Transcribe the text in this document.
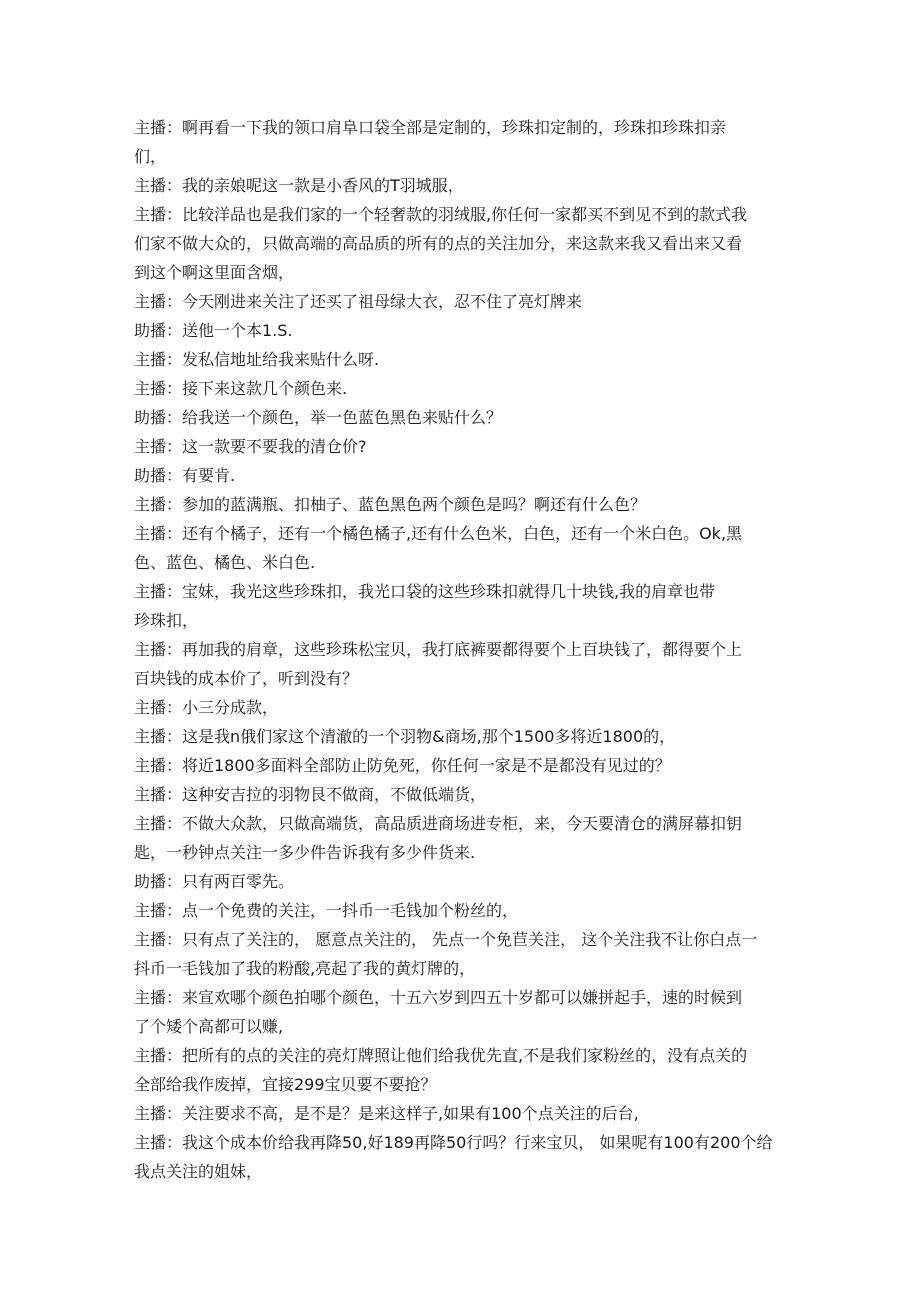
主播：啊再看一下我的领口肩阜口袋全部是定制的，珍珠扣定制的，珍珠扣珍珠扣亲
们，
主播：我的亲娘呢这一款是小香风的T羽城服，
主播：比较洋品也是我们家的一个轻奢款的羽绒服,你任何一家都买不到见不到的款式我
们家不做大众的，只做高端的高品质的所有的点的关注加分，来这款来我又看出来又看
到这个啊这里面含烟，
主播：今天刚进来关注了还买了祖母绿大衣，忍不住了亮灯牌来
助播：送他一个本1.S.
主播：发私信地址给我来贴什么呀.
主播：接下来这款几个颜色来.
助播：给我送一个颜色，举一色蓝色黑色来贴什么？
主播：这一款要不要我的清仓价?
助播：有要肯.
主播：参加的蓝满瓶、扣柚子、蓝色黑色两个颜色是吗？啊还有什么色？
主播：还有个橘子，还有一个橘色橘子,还有什么色米，白色，还有一个米白色。Ok,黑
色、蓝色、橘色、米白色.
主播：宝妹，我光这些珍珠扣，我光口袋的这些珍珠扣就得几十块钱,我的肩章也带
珍珠扣，
主播：再加我的肩章，这些珍珠松宝贝，我打底裤要都得要个上百块钱了，都得要个上
百块钱的成本价了，听到没有？
主播：小三分成款，
主播：这是我n俄们家这个清澈的一个羽物&商场,那个1500多将近1800的，
主播：将近1800多面料全部防止防免死，你任何一家是不是都没有见过的？
主播：这种安吉拉的羽物艮不做商，不做低端货，
主播：不做大众款，只做高端货，高品质进商场进专柜，来，今天要清仓的满屏幕扣钥
匙，一秒钟点关注一多少件告诉我有多少件货来.
助播：只有两百零先。
主播：点一个免费的关注，一抖币一毛钱加个粉丝的，
主播：只有点了关注的， 愿意点关注的， 先点一个免苣关注， 这个关注我不让你白点一
抖币一毛钱加了我的粉酸,亮起了我的黄灯牌的，
主播：来宣欢哪个颜色拍哪个颜色，十五六岁到四五十岁都可以嫌拼起手，速的时候到
了个矮个高都可以赚,
主播：把所有的点的关注的亮灯牌照让他们给我优先直,不是我们家粉丝的，没有点关的
全部给我作废掉，宜接299宝贝要不要抢？
主播：关注要求不高，是不是？是来这样子,如果有100个点关注的后台,
主播：我这个成本价给我再降50,好189再降50行吗？行来宝贝， 如果呢有100有200个给
我点关注的姐妹，
